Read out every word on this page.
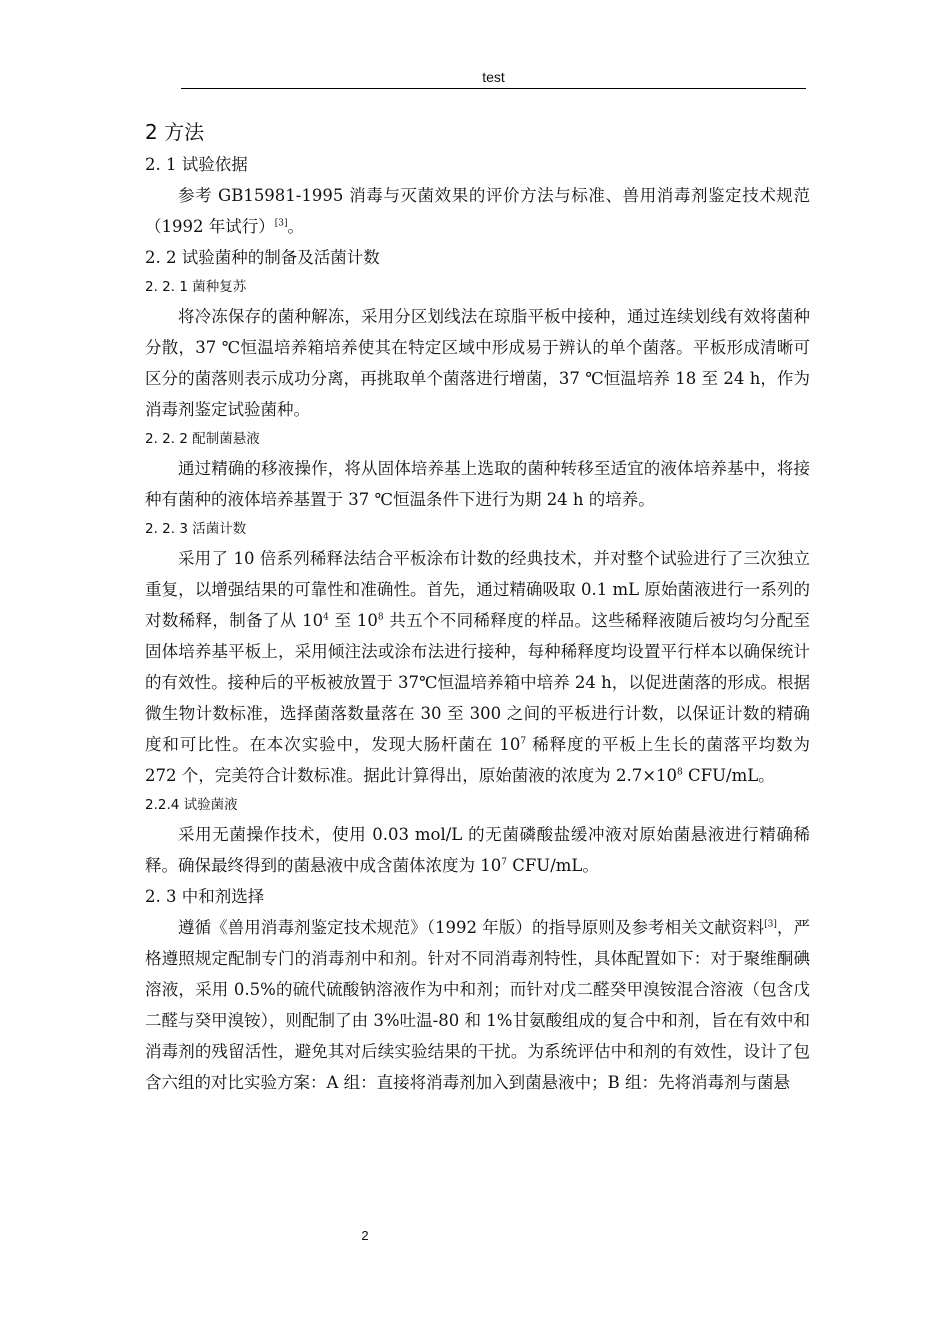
test
2 方法
2. 1 试验依据

参考 GB15981-1995 消毒与灭菌效果的评价方法与标准、兽用消毒剂鉴定技术规范（1992 年试行）[3]。

2. 2 试验菌种的制备及活菌计数
2. 2. 1 菌种复苏

将冷冻保存的菌种解冻，采用分区划线法在琼脂平板中接种，通过连续划线有效将菌种分散，37 ℃恒温培养箱培养使其在特定区域中形成易于辨认的单个菌落。平板形成清晰可区分的菌落则表示成功分离，再挑取单个菌落进行增菌，37 ℃恒温培养 18 至 24 h，作为消毒剂鉴定试验菌种。

2. 2. 2 配制菌悬液

通过精确的移液操作，将从固体培养基上选取的菌种转移至适宜的液体培养基中，将接种有菌种的液体培养基置于 37 ℃恒温条件下进行为期 24 h 的培养。

2. 2. 3 活菌计数

采用了 10 倍系列稀释法结合平板涂布计数的经典技术，并对整个试验进行了三次独立重复，以增强结果的可靠性和准确性。首先，通过精确吸取 0.1 mL 原始菌液进行一系列的对数稀释，制备了从 $10^4$ 至 $10^8$ 共五个不同稀释度的样品。这些稀释液随后被均匀分配至固体培养基平板上，采用倾注法或涂布法进行接种，每种稀释度均设置平行样本以确保统计的有效性。接种后的平板被放置于 37℃恒温培养箱中培养 24 h，以促进菌落的形成。根据微生物计数标准，选择菌落数量落在 30 至 300 之间的平板进行计数，以保证计数的精确度和可比性。在本次实验中，发现大肠杆菌在 $10^7$ 稀释度的平板上生长的菌落平均数为 272 个，完美符合计数标准。据此计算得出，原始菌液的浓度为 $2.7\times 10^8$ CFU/mL。

2.2.4 试验菌液

采用无菌操作技术，使用 0.03 mol/L 的无菌磷酸盐缓冲液对原始菌悬液进行精确稀释。确保最终得到的菌悬液中成含菌体浓度为 $10^7$ CFU/mL。

2. 3 中和剂选择

遵循《兽用消毒剂鉴定技术规范》（1992 年版）的指导原则及参考相关文献资料[3]，严格遵照规定配制专门的消毒剂中和剂。针对不同消毒剂特性，具体配置如下：对于聚维酮碘溶液，采用 0.5%的硫代硫酸钠溶液作为中和剂；而针对戊二醛癸甲溴铵混合溶液（包含戊二醛与癸甲溴铵），则配制了由 3%吐温-80 和 1%甘氨酸组成的复合中和剂，旨在有效中和消毒剂的残留活性，避免其对后续实验结果的干扰。为系统评估中和剂的有效性，设计了包含六组的对比实验方案：A 组：直接将消毒剂加入到菌悬液中；B 组：先将消毒剂与菌悬

2
